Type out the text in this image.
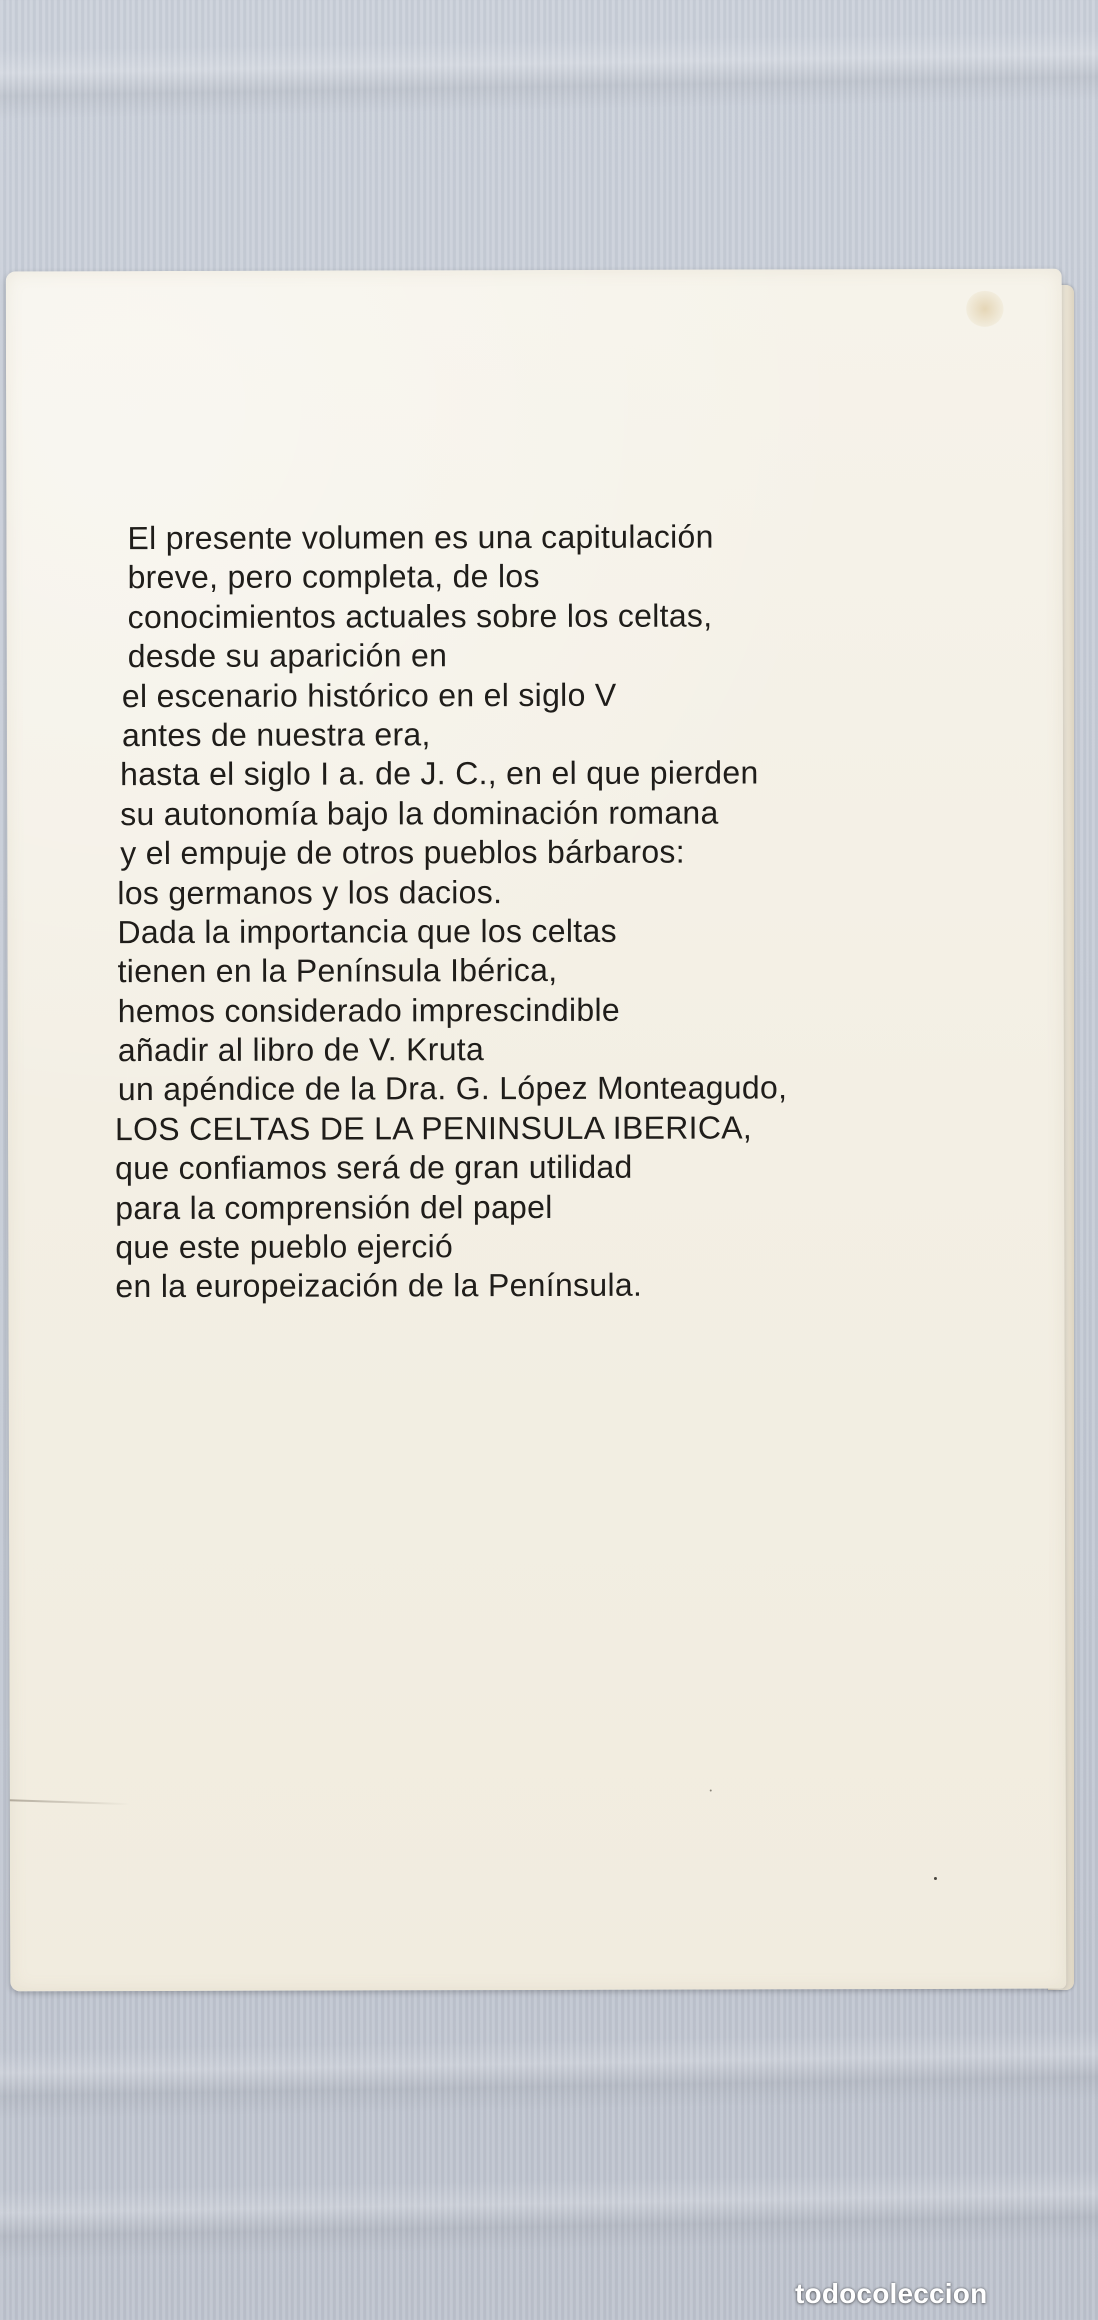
El presente volumen es una capitulación
breve, pero completa, de los
conocimientos actuales sobre los celtas,
desde su aparición en
el escenario histórico en el siglo V
antes de nuestra era,
hasta el siglo I a. de J. C., en el que pierden
su autonomía bajo la dominación romana
y el empuje de otros pueblos bárbaros:
los germanos y los dacios.
Dada la importancia que los celtas
tienen en la Península Ibérica,
hemos considerado imprescindible
añadir al libro de V. Kruta
un apéndice de la Dra. G. López Monteagudo,
LOS CELTAS DE LA PENINSULA IBERICA,
que confiamos será de gran utilidad
para la comprensión del papel
que este pueblo ejerció
en la europeización de la Península.
todocoleccion
